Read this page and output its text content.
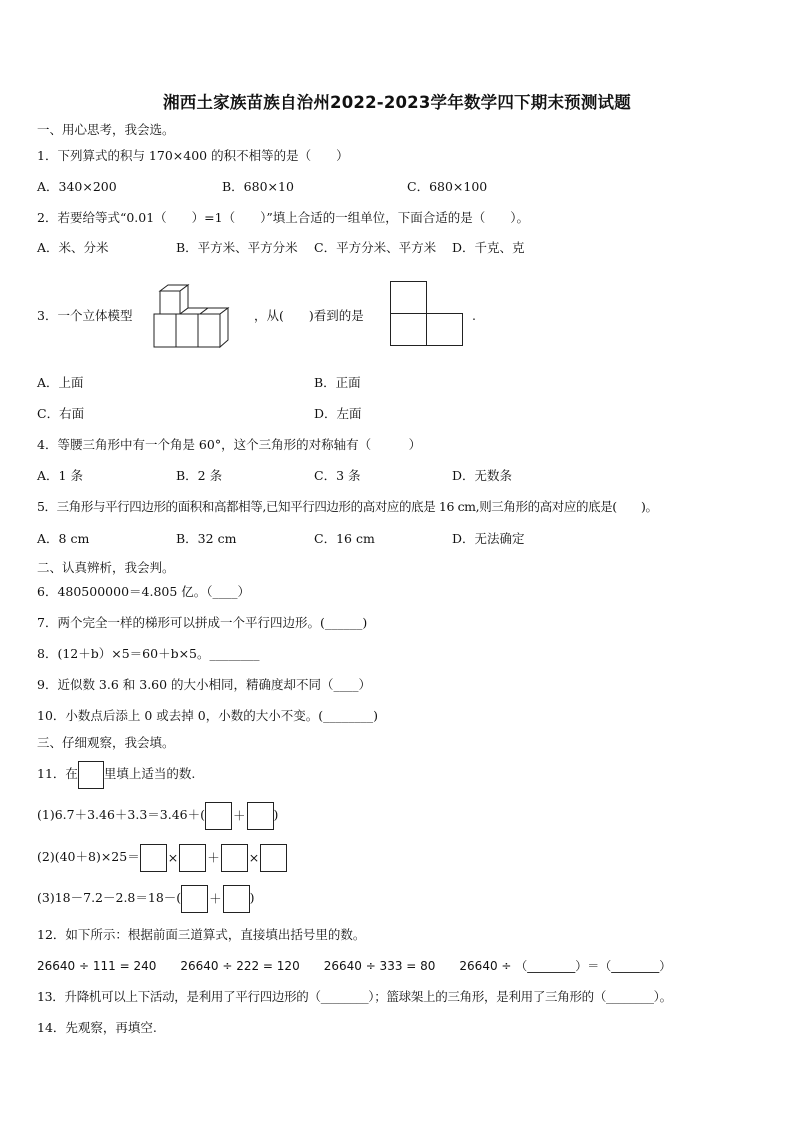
湘西土家族苗族自治州2022-2023学年数学四下期末预测试题
一、用心思考，我会选。
1．下列算式的积与 170×400 的积不相等的是（　　）
A．340×200	B．680×10	C．680×100
2．若要给等式“0.01（　　）=1（　　）”填上合适的一组单位，下面合适的是（　　）。
A．米、分米	B．平方米、平方分米 C．平方分米、平方米 D．千克、克
3．一个立体模型	，从(　　)看到的是	.
A．上面	B．正面
C．右面	D．左面
4．等腰三角形中有一个角是 60°，这个三角形的对称轴有（　　　）
A．1 条	B．2 条	C．3 条	D．无数条
5．三角形与平行四边形的面积和高都相等,已知平行四边形的高对应的底是 16 cm,则三角形的高对应的底是(　　)。
A．8 cm	B．32 cm	C．16 cm	D．无法确定
二、认真辨析，我会判。
6．480500000＝4.805 亿。（____）
7．两个完全一样的梯形可以拼成一个平行四边形。(______)
8．(12＋b）×5＝60＋b×5。________
9．近似数 3.6 和 3.60 的大小相同，精确度却不同（____）
10．小数点后添上 0 或去掉 0，小数的大小不变。(________)
三、仔细观察，我会填。
11．在 里填上适当的数.
(1)6.7＋3.46＋3.3＝3.46＋( ＋ )
(2)(40＋8)×25＝ × ＋ ×
(3)18－7.2－2.8＝18－( ＋ )
12．如下所示：根据前面三道算式，直接填出括号里的数。
26640 ÷ 111 = 240　　26640 ÷ 222 = 120　　26640 ÷ 333 = 80　　26640 ÷ （________）＝（________）
13．升降机可以上下活动，是利用了平行四边形的（________）；篮球架上的三角形，是利用了三角形的（________）。
14．先观察，再填空.
